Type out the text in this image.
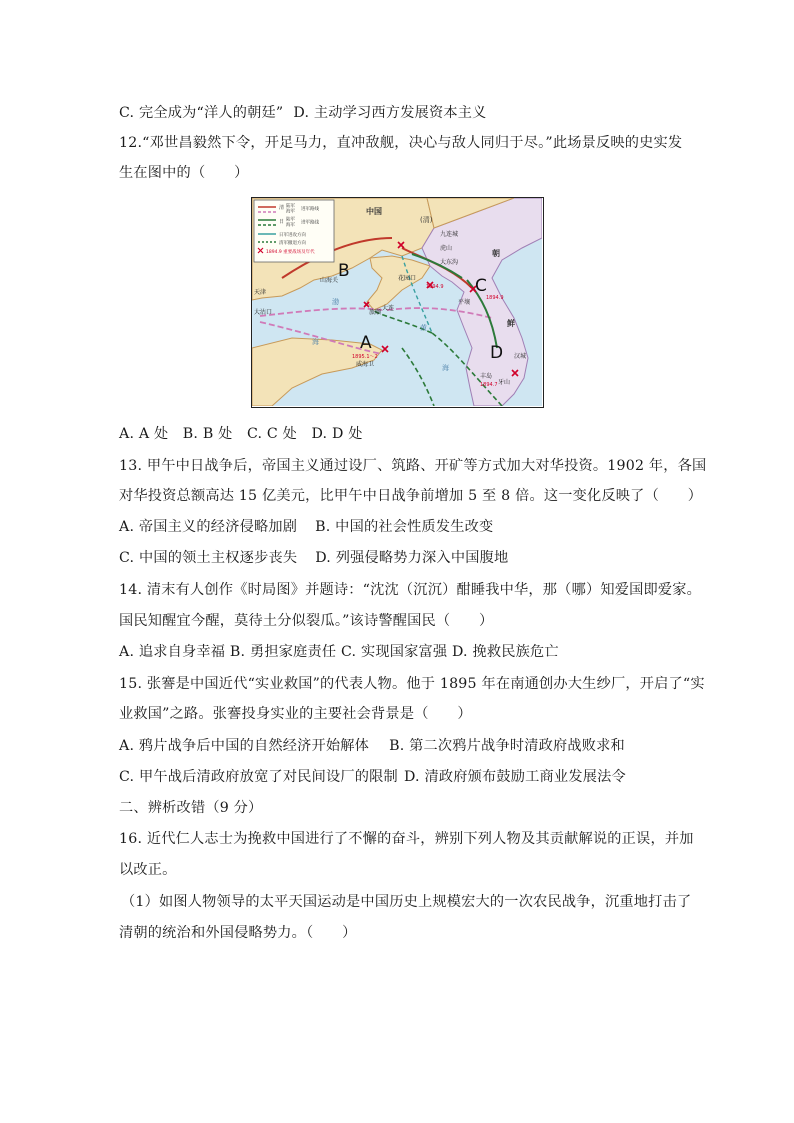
C. 完全成为“洋人的朝廷” D. 主动学习西方发展资本主义
12.“邓世昌毅然下令，开足马力，直冲敌舰，决心与敌人同归于尽。”此场景反映的史实发
生在图中的（　　）
清 陆军
海军 进军路线
日 陆军
海军 进军路线
日军进攻方向
清军撤退方向
1894.9 重要战场及年代
中国
(清)
九连城
虎山
大东沟
1894.9
朝
鲜
山海关
天津
大沽口
花园口
旅顺
大连
威海卫
1895.1～2
平壤
1894.9
汉城
牙山
丰岛
1894.7
渤
海
黄
海
B
C
A	D
A. A 处　B. B 处　C. C 处　D. D 处
13. 甲午中日战争后，帝国主义通过设厂、筑路、开矿等方式加大对华投资。1902 年，各国
对华投资总额高达 15 亿美元，比甲午中日战争前增加 5 至 8 倍。这一变化反映了（　　）
A. 帝国主义的经济侵略加剧 B. 中国的社会性质发生改变
C. 中国的领土主权逐步丧失 D. 列强侵略势力深入中国腹地
14. 清末有人创作《时局图》并题诗：“沈沈（沉沉）酣睡我中华，那（哪）知爱国即爱家。
国民知醒宜今醒，莫待土分似裂瓜。”该诗警醒国民（　　）
A. 追求自身幸福 B. 勇担家庭责任 C. 实现国家富强 D. 挽救民族危亡
15. 张謇是中国近代“实业救国”的代表人物。他于 1895 年在南通创办大生纱厂，开启了“实
业救国”之路。张謇投身实业的主要社会背景是（　　）
A. 鸦片战争后中国的自然经济开始解体 B. 第二次鸦片战争时清政府战败求和
C. 甲午战后清政府放宽了对民间设厂的限制 D. 清政府颁布鼓励工商业发展法令
二、辨析改错（9 分）
16. 近代仁人志士为挽救中国进行了不懈的奋斗，辨别下列人物及其贡献解说的正误，并加
以改正。
（1）如图人物领导的太平天国运动是中国历史上规模宏大的一次农民战争，沉重地打击了
清朝的统治和外国侵略势力。（　　）
